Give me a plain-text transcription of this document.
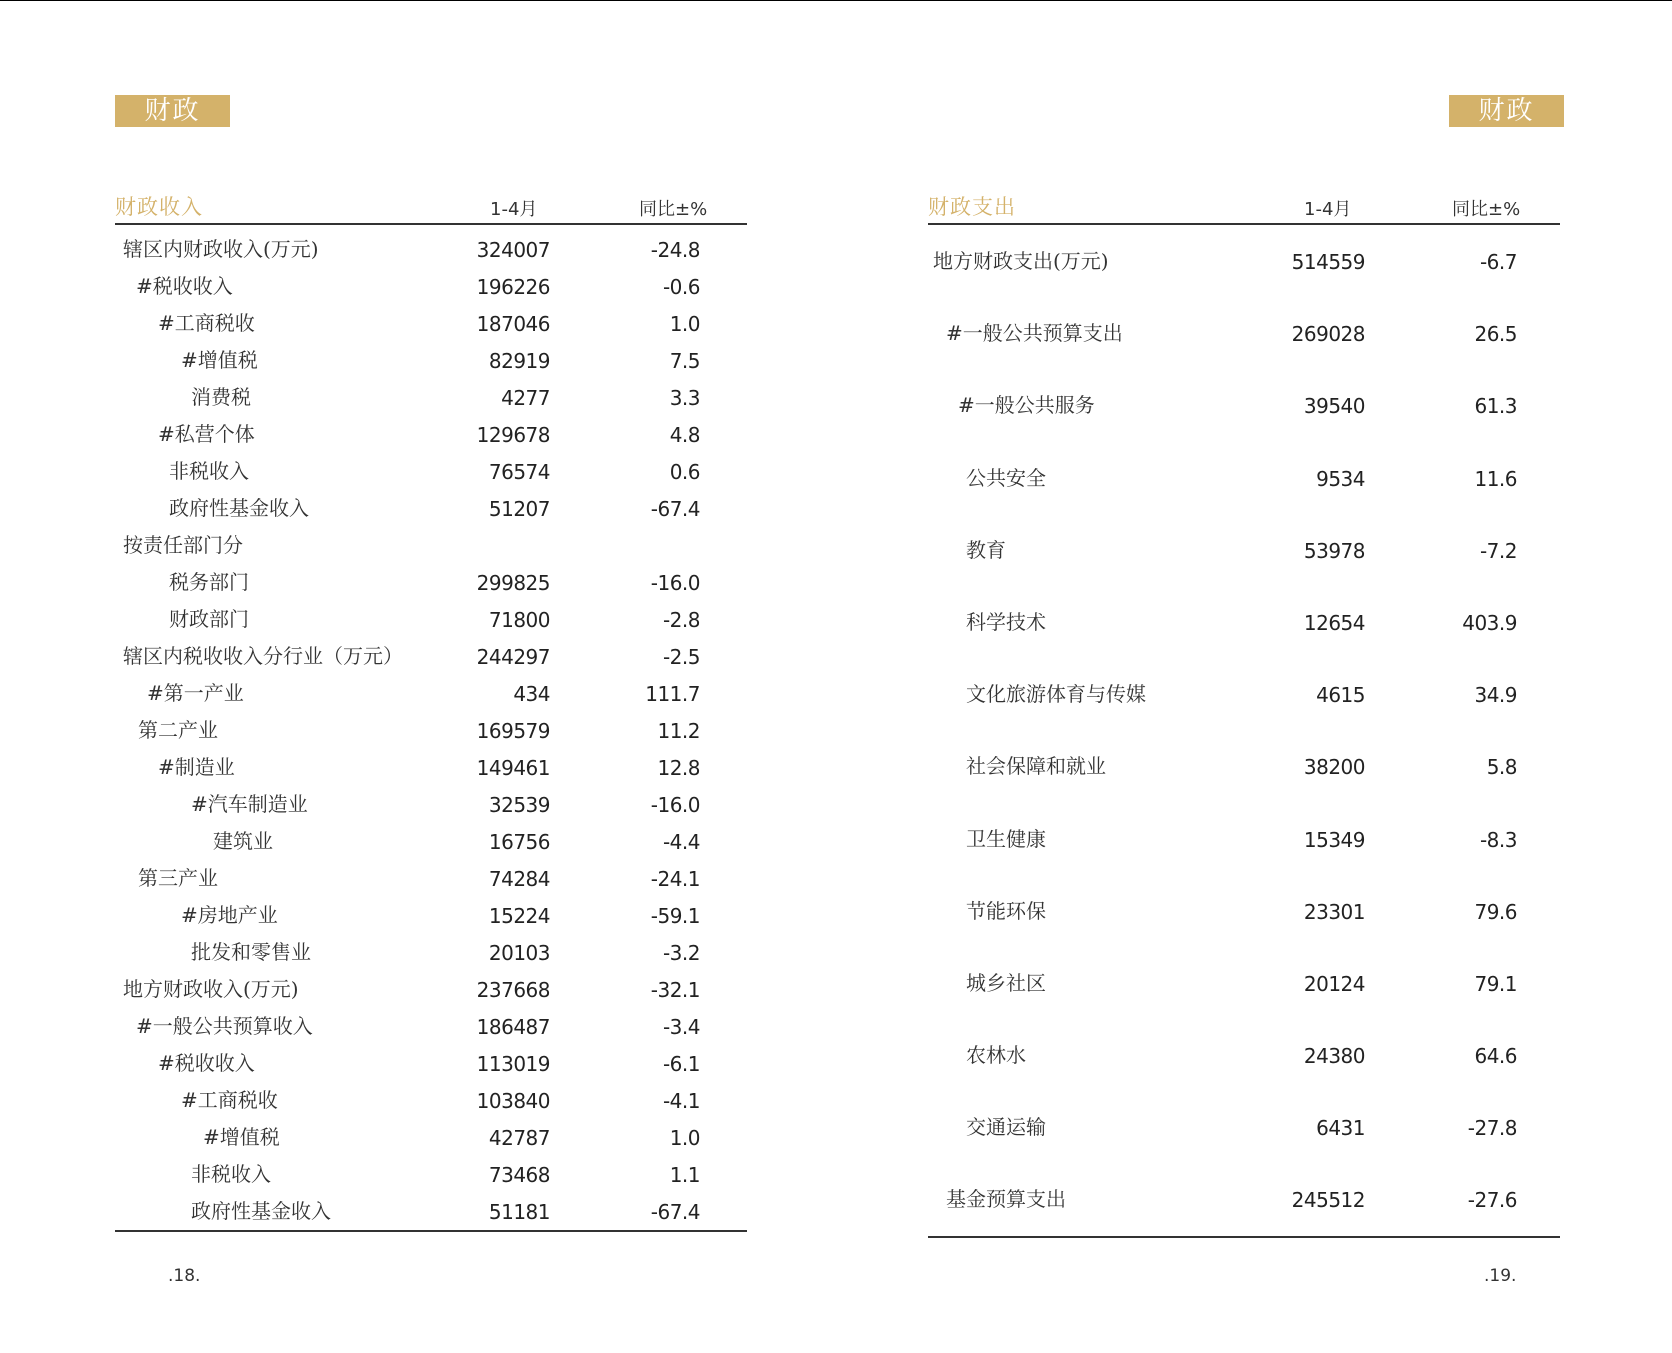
财政
财政收入	1-4月	同比±%
辖区内财政收入(万元)	324007	-24.8
#税收收入	196226	-0.6
#工商税收	187046	1.0
#增值税	82919	7.5
消费税	4277	3.3
#私营个体	129678	4.8
非税收入	76574	0.6
政府性基金收入	51207	-67.4
按责任部门分
税务部门	299825	-16.0
财政部门	71800	-2.8
辖区内税收收入分行业（万元）	244297	-2.5
#第一产业	434	111.7
第二产业	169579	11.2
#制造业	149461	12.8
#汽车制造业	32539	-16.0
建筑业	16756	-4.4
第三产业	74284	-24.1
#房地产业	15224	-59.1
批发和零售业	20103	-3.2
地方财政收入(万元)	237668	-32.1
#一般公共预算收入	186487	-3.4
#税收收入	113019	-6.1
#工商税收	103840	-4.1
#增值税	42787	1.0
非税收入	73468	1.1
政府性基金收入	51181	-67.4
.18.
财政
财政支出	1-4月	同比±%
地方财政支出(万元)	514559	-6.7
#一般公共预算支出	269028	26.5
#一般公共服务	39540	61.3
公共安全	9534	11.6
教育	53978	-7.2
科学技术	12654	403.9
文化旅游体育与传媒	4615	34.9
社会保障和就业	38200	5.8
卫生健康	15349	-8.3
节能环保	23301	79.6
城乡社区	20124	79.1
农林水	24380	64.6
交通运输	6431	-27.8
基金预算支出	245512	-27.6
.19.
